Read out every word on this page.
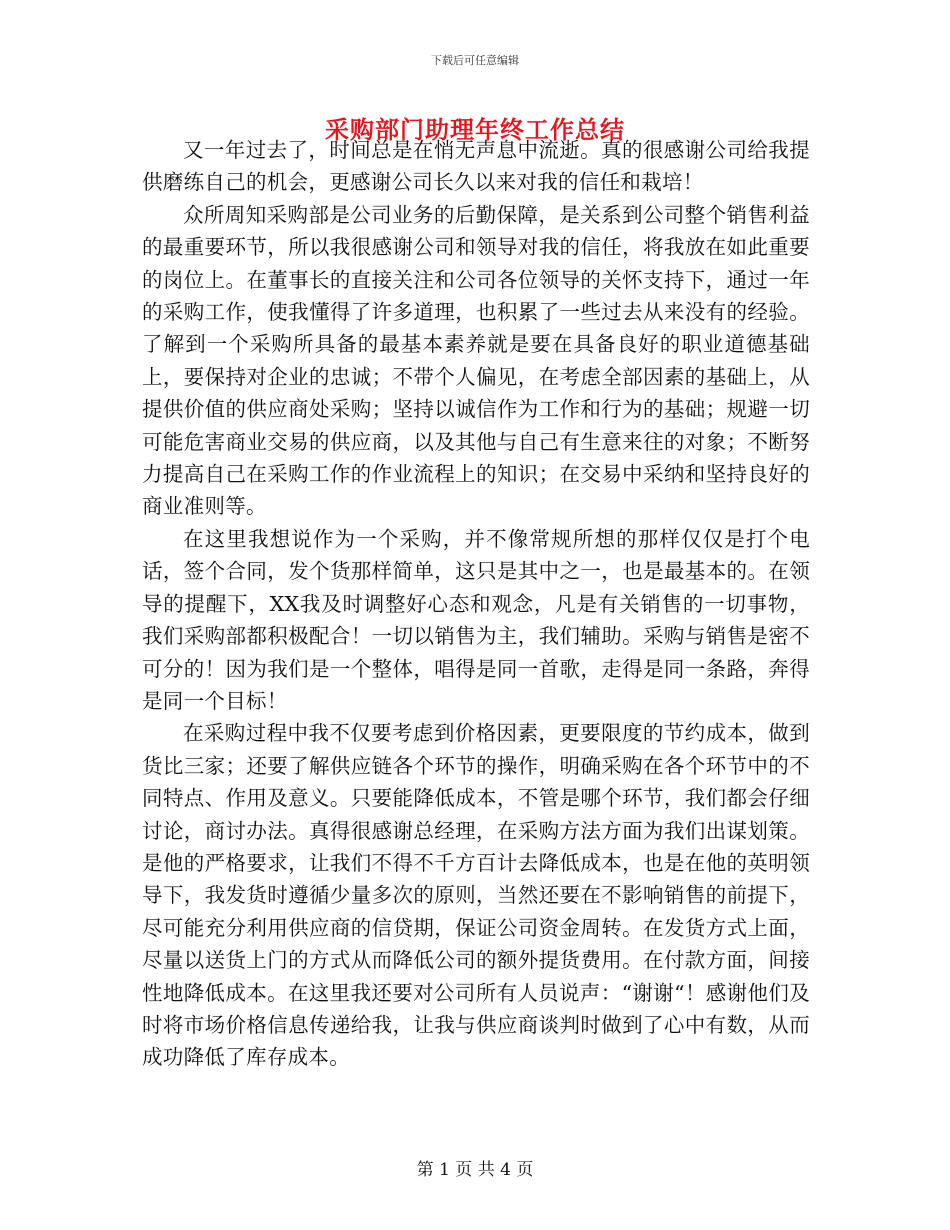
下载后可任意编辑
采购部门助理年终工作总结

又一年过去了，时间总是在悄无声息中流逝。真的很感谢公司给我提供磨练自己的机会，更感谢公司长久以来对我的信任和栽培！

众所周知采购部是公司业务的后勤保障，是关系到公司整个销售利益的最重要环节，所以我很感谢公司和领导对我的信任，将我放在如此重要的岗位上。在董事长的直接关注和公司各位领导的关怀支持下，通过一年的采购工作，使我懂得了许多道理，也积累了一些过去从来没有的经验。了解到一个采购所具备的最基本素养就是要在具备良好的职业道德基础上，要保持对企业的忠诚；不带个人偏见，在考虑全部因素的基础上，从提供价值的供应商处采购；坚持以诚信作为工作和行为的基础；规避一切可能危害商业交易的供应商，以及其他与自己有生意来往的对象；不断努力提高自己在采购工作的作业流程上的知识；在交易中采纳和坚持良好的商业准则等。

在这里我想说作为一个采购，并不像常规所想的那样仅仅是打个电话，签个合同，发个货那样简单，这只是其中之一，也是最基本的。在领导的提醒下，XX我及时调整好心态和观念，凡是有关销售的一切事物，我们采购部都积极配合！一切以销售为主，我们辅助。采购与销售是密不可分的！因为我们是一个整体，唱得是同一首歌，走得是同一条路，奔得是同一个目标！

在采购过程中我不仅要考虑到价格因素，更要限度的节约成本，做到货比三家；还要了解供应链各个环节的操作，明确采购在各个环节中的不同特点、作用及意义。只要能降低成本，不管是哪个环节，我们都会仔细讨论，商讨办法。真得很感谢总经理，在采购方法方面为我们出谋划策。是他的严格要求，让我们不得不千方百计去降低成本，也是在他的英明领导下，我发货时遵循少量多次的原则，当然还要在不影响销售的前提下，尽可能充分利用供应商的信贷期，保证公司资金周转。在发货方式上面，尽量以送货上门的方式从而降低公司的额外提货费用。在付款方面，间接性地降低成本。在这里我还要对公司所有人员说声：“谢谢“！感谢他们及时将市场价格信息传递给我，让我与供应商谈判时做到了心中有数，从而成功降低了库存成本。

第 1 页 共 4 页
